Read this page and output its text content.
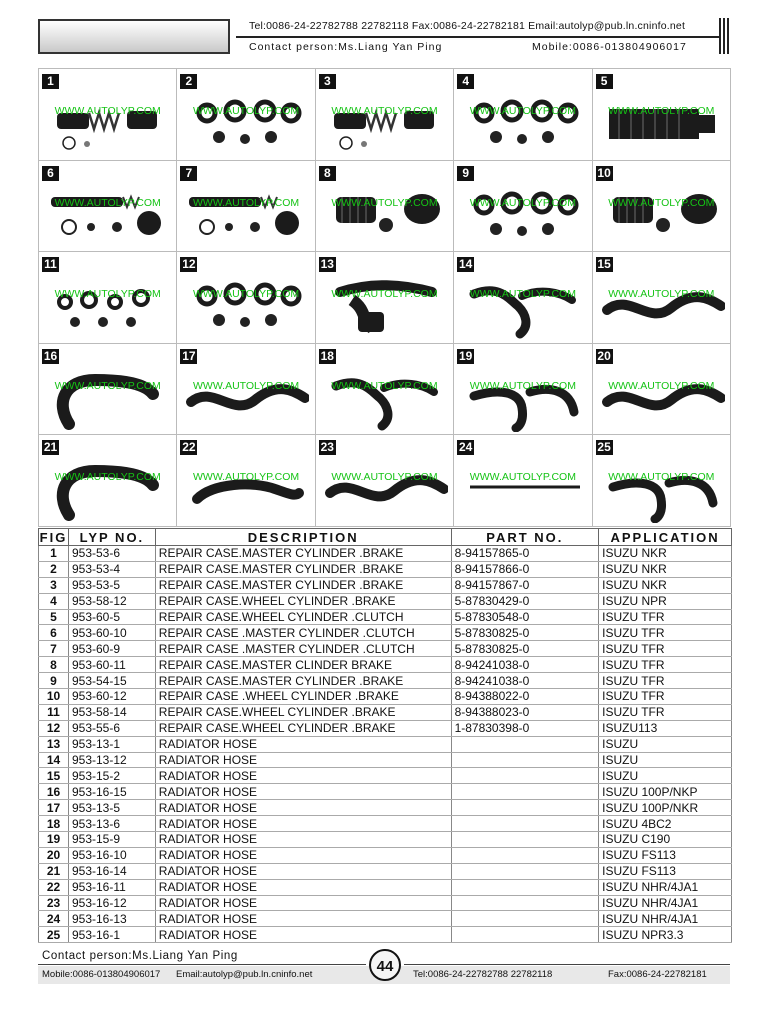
Tel:0086-24-22782788 22782118 Fax:0086-24-22782181 Email:autolyp@pub.ln.cninfo.net
Contact person:Ms.Liang Yan Ping	Mobile:0086-013804906017
1
WWW.AUTOLYP.COM
2
WWW.AUTOLYP.COM
3
WWW.AUTOLYP.COM
4
WWW.AUTOLYP.COM
5
WWW.AUTOLYP.COM
6
WWW.AUTOLYP.COM
7
WWW.AUTOLYP.COM
8
WWW.AUTOLYP.COM
9
WWW.AUTOLYP.COM
10
WWW.AUTOLYP.COM
11
WWW.AUTOLYP.COM
12
WWW.AUTOLYP.COM
13
WWW.AUTOLYP.COM
14
WWW.AUTOLYP.COM
15
WWW.AUTOLYP.COM
16
WWW.AUTOLYP.COM
17
WWW.AUTOLYP.COM
18
WWW.AUTOLYP.COM
19
WWW.AUTOLYP.COM
20
WWW.AUTOLYP.COM
21
WWW.AUTOLYP.COM
22
WWW.AUTOLYP.COM
23
WWW.AUTOLYP.COM
24
WWW.AUTOLYP.COM
25
WWW.AUTOLYP.COM
FIG	LYP NO.	DESCRIPTION	PART NO.	APPLICATION
1	953-53-6	REPAIR CASE.MASTER CYLINDER .BRAKE	8-94157865-0	ISUZU NKR
2	953-53-4	REPAIR CASE.MASTER CYLINDER .BRAKE	8-94157866-0	ISUZU NKR
3	953-53-5	REPAIR CASE.MASTER CYLINDER .BRAKE	8-94157867-0	ISUZU NKR
4	953-58-12	REPAIR CASE.WHEEL CYLINDER .BRAKE	5-87830429-0	ISUZU NPR
5	953-60-5	REPAIR CASE.WHEEL CYLINDER .CLUTCH	5-87830548-0	ISUZU TFR
6	953-60-10	REPAIR CASE .MASTER CYLINDER .CLUTCH	5-87830825-0	ISUZU TFR
7	953-60-9	REPAIR CASE .MASTER CYLINDER .CLUTCH	5-87830825-0	ISUZU TFR
8	953-60-11	REPAIR CASE.MASTER CLINDER BRAKE	8-94241038-0	ISUZU TFR
9	953-54-15	REPAIR CASE.MASTER CYLINDER .BRAKE	8-94241038-0	ISUZU TFR
10	953-60-12	REPAIR CASE .WHEEL CYLINDER .BRAKE	8-94388022-0	ISUZU TFR
11	953-58-14	REPAIR CASE.WHEEL CYLINDER .BRAKE	8-94388023-0	ISUZU TFR
12	953-55-6	REPAIR CASE.WHEEL CYLINDER .BRAKE	1-87830398-0	ISUZU113
13	953-13-1	RADIATOR HOSE		ISUZU
14	953-13-12	RADIATOR HOSE		ISUZU
15	953-15-2	RADIATOR HOSE		ISUZU
16	953-16-15	RADIATOR HOSE		ISUZU 100P/NKP
17	953-13-5	RADIATOR HOSE		ISUZU 100P/NKR
18	953-13-6	RADIATOR HOSE		ISUZU 4BC2
19	953-15-9	RADIATOR HOSE		ISUZU C190
20	953-16-10	RADIATOR HOSE		ISUZU FS113
21	953-16-14	RADIATOR HOSE		ISUZU FS113
22	953-16-11	RADIATOR HOSE		ISUZU NHR/4JA1
23	953-16-12	RADIATOR HOSE		ISUZU NHR/4JA1
24	953-16-13	RADIATOR HOSE		ISUZU NHR/4JA1
25	953-16-1	RADIATOR HOSE		ISUZU NPR3.3
Contact person:Ms.Liang Yan Ping
Mobile:0086-013804906017 Email:autolyp@pub.ln.cninfo.net	Tel:0086-24-22782788 22782118	Fax:0086-24-22782181
44
